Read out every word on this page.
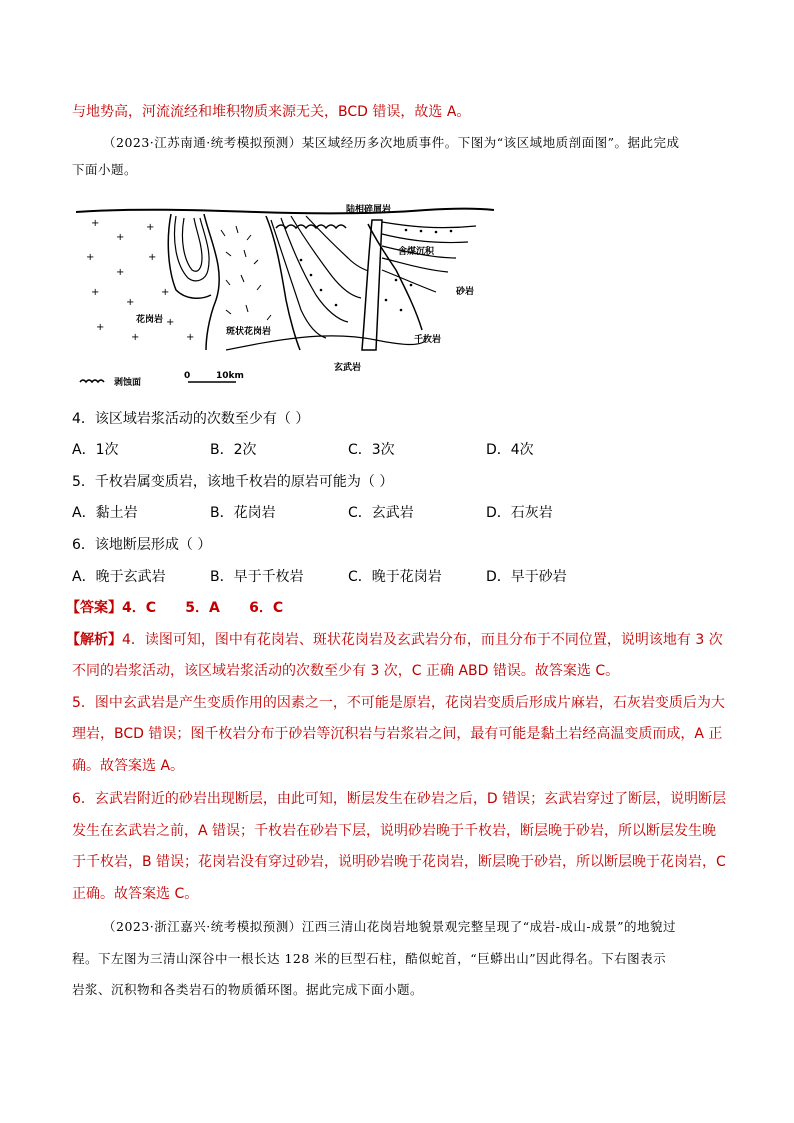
与地势高，河流流经和堆积物质来源无关，BCD 错误，故选 A。
（2023·江苏南通·统考模拟预测）某区域经历多次地质事件。下图为“该区域地质剖面图”。据此完成
下面小题。
+
+
+
+
+
+
+
+
+
+
+
+
+
陆相碎屑岩
含煤沉积
砂岩
花岗岩
斑状花岗岩
千枚岩
玄武岩
剥蚀面
0	10km
4．该区域岩浆活动的次数至少有（ ）
A．1次	B．2次	C．3次	D．4次
5．千枚岩属变质岩，该地千枚岩的原岩可能为（ ）
A．黏土岩	B．花岗岩	C．玄武岩	D．石灰岩
6．该地断层形成（ ）
A．晚于玄武岩	B．早于千枚岩	C．晚于花岗岩	D．早于砂岩
【答案】4．C      5．A      6．C
【解析】4．读图可知，图中有花岗岩、斑状花岗岩及玄武岩分布，而且分布于不同位置，说明该地有 3 次
不同的岩浆活动，该区域岩浆活动的次数至少有 3 次，C 正确 ABD 错误。故答案选 C。
5．图中玄武岩是产生变质作用的因素之一，不可能是原岩，花岗岩变质后形成片麻岩，石灰岩变质后为大
理岩，BCD 错误；图千枚岩分布于砂岩等沉积岩与岩浆岩之间，最有可能是黏土岩经高温变质而成，A 正
确。故答案选 A。
6．玄武岩附近的砂岩出现断层，由此可知，断层发生在砂岩之后，D 错误；玄武岩穿过了断层，说明断层
发生在玄武岩之前，A 错误；千枚岩在砂岩下层，说明砂岩晚于千枚岩，断层晚于砂岩，所以断层发生晚
于千枚岩，B 错误；花岗岩没有穿过砂岩，说明砂岩晚于花岗岩，断层晚于砂岩，所以断层晚于花岗岩，C
正确。故答案选 C。
（2023·浙江嘉兴·统考模拟预测）江西三清山花岗岩地貌景观完整呈现了“成岩-成山-成景”的地貌过
程。下左图为三清山深谷中一根长达 128 米的巨型石柱，酷似蛇首，“巨蟒出山”因此得名。下右图表示
岩浆、沉积物和各类岩石的物质循环图。据此完成下面小题。
